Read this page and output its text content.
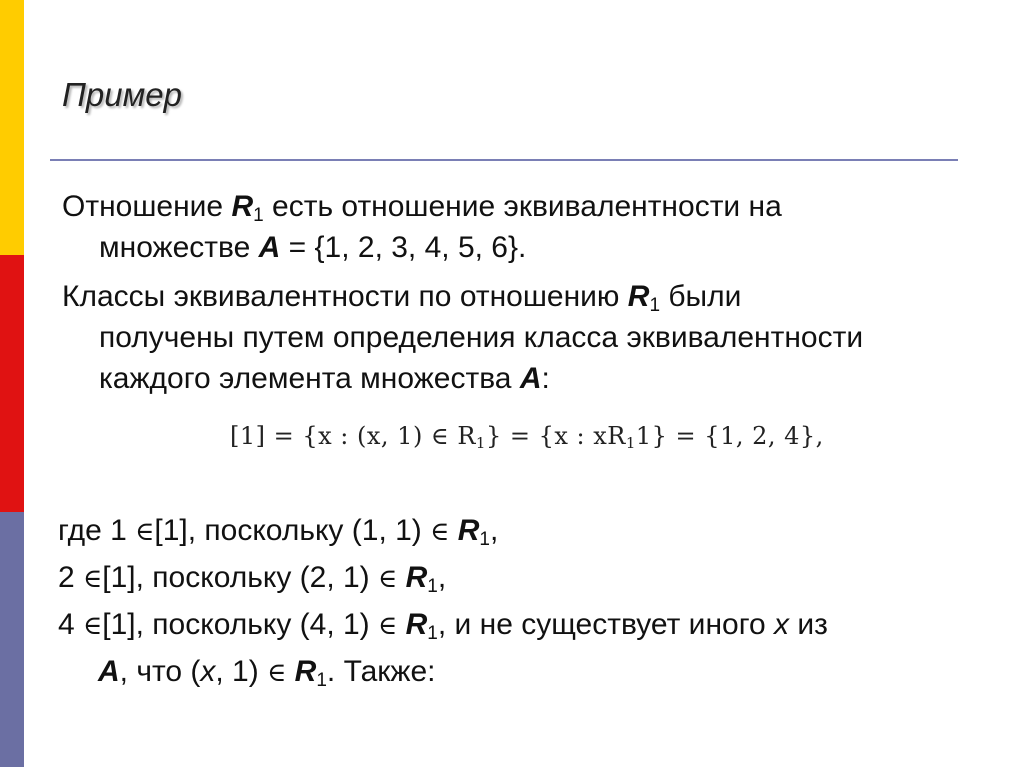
Пример
Отношение $R_1$ есть отношение эквивалентности на
множестве A = {1, 2, 3, 4, 5, 6}.
Классы эквивалентности по отношению $R_1$ были
получены путем определения класса эквивалентности
каждого элемента множества A:
[1] = {x : (x, 1) ∈ $R_1\} = \{x$ : $xR_11\} = \{1$, 2, 4},
где 1 ∈[1], поскольку (1, 1) ∈ $R_1$,
2 ∈[1], поскольку (2, 1) ∈ $R_1$,
4 ∈[1], поскольку (4, 1) ∈ $R_1$, и не существует иного x из
A, что (x, 1) ∈ $R_1$. Также:
